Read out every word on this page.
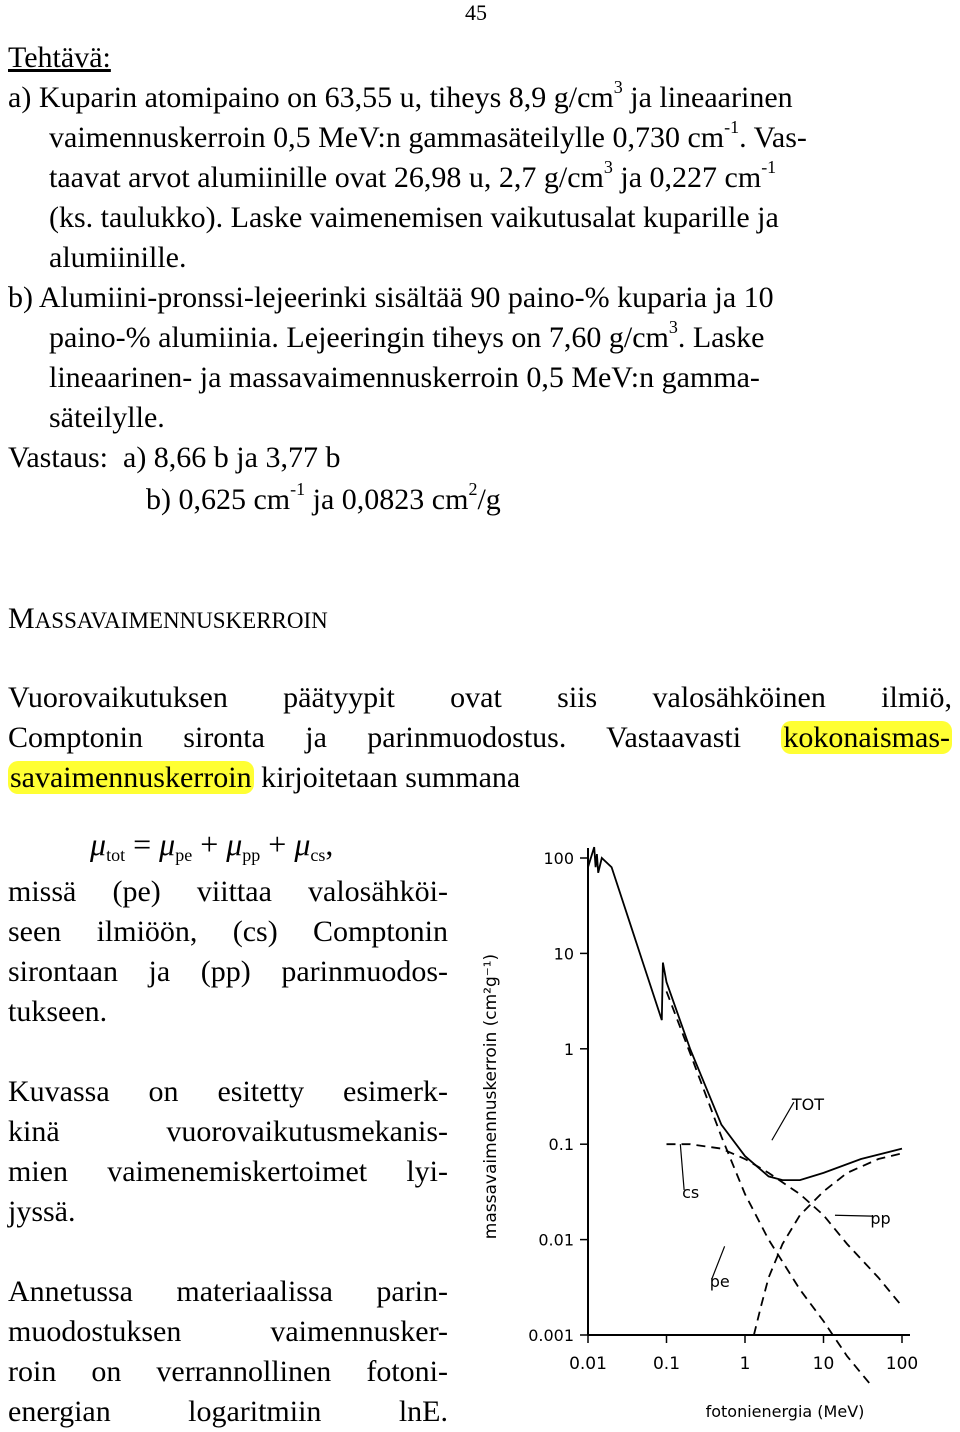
45
Tehtävä:
a) Kuparin atomipaino on 63,55 u, tiheys 8,9 $g/cm^3$ ja lineaarinen
vaimennuskerroin 0,5 MeV:n gammasäteilylle 0,730 $cm^{-1}$. Vas-
taavat arvot alumiinille ovat 26,98 u, 2,7 $g/cm^3$ ja 0,227 $cm^{-1}$
(ks. taulukko). Laske vaimenemisen vaikutusalat kuparille ja
alumiinille.
b) Alumiini-pronssi-lejeerinki sisältää 90 paino-% kuparia ja 10
paino-% alumiinia. Lejeeringin tiheys on 7,60 $g/cm^3$. Laske
lineaarinen- ja massavaimennuskerroin 0,5 MeV:n gamma-
säteilylle.
Vastaus: a) 8,66 b ja 3,77 b
b) 0,625 $cm^{-1}$ ja 0,0823 $cm^2/g$
MASSAVAIMENNUSKERROIN
Vuorovaikutuksen päätyypit ovat siis valosähköinen ilmiö,
Comptonin sironta ja parinmuodostus. Vastaavasti kokonaismas-
savaimennuskerroin kirjoitetaan summana
$\mu_{tot} = \mu_{pe} + \mu_{pp} + \mu_{cs}$,
missä (pe) viittaa valosähköi-
seen ilmiöön, (cs) Comptonin
sirontaan ja (pp) parinmuodos-
tukseen.
Kuvassa on esitetty esimerk-
kinä vuorovaikutusmekanis-
mien vaimenemiskertoimet lyi-
jyssä.
Annetussa materiaalissa parin-
muodostuksen vaimennusker-
roin on verrannollinen fotoni-
energian logaritmiin lnE.
100
10
1
0.1
0.01
0.001
0.01	0.1	1	10	100
TOT
pe
cs
pp
massavaimennuskerroin (cm²g⁻¹)
fotonienergia (MeV)
